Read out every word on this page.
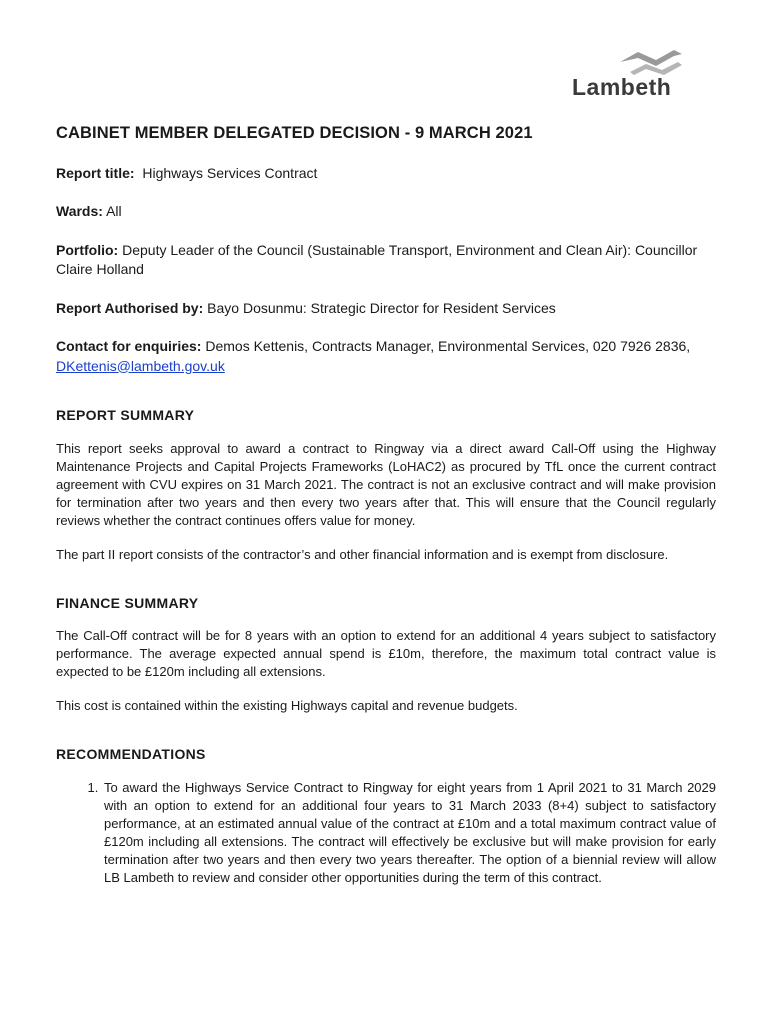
Lambeth
CABINET MEMBER DELEGATED DECISION - 9 MARCH 2021
Report title: Highways Services Contract
Wards: All
Portfolio: Deputy Leader of the Council (Sustainable Transport, Environment and Clean Air): Councillor Claire Holland
Report Authorised by: Bayo Dosunmu: Strategic Director for Resident Services
Contact for enquiries: Demos Kettenis, Contracts Manager, Environmental Services, 020 7926 2836, DKettenis@lambeth.gov.uk
REPORT SUMMARY

This report seeks approval to award a contract to Ringway via a direct award Call-Off using the Highway Maintenance Projects and Capital Projects Frameworks (LoHAC2) as procured by TfL once the current contract agreement with CVU expires on 31 March 2021. The contract is not an exclusive contract and will make provision for termination after two years and then every two years after that. This will ensure that the Council regularly reviews whether the contract continues offers value for money.

The part II report consists of the contractor’s and other financial information and is exempt from disclosure.

FINANCE SUMMARY

The Call-Off contract will be for 8 years with an option to extend for an additional 4 years subject to satisfactory performance. The average expected annual spend is £10m, therefore, the maximum total contract value is expected to be £120m including all extensions.

This cost is contained within the existing Highways capital and revenue budgets.

RECOMMENDATIONS
1. To award the Highways Service Contract to Ringway for eight years from 1 April 2021 to 31 March 2029 with an option to extend for an additional four years to 31 March 2033 (8+4) subject to satisfactory performance, at an estimated annual value of the contract at £10m and a total maximum contract value of £120m including all extensions. The contract will effectively be exclusive but will make provision for early termination after two years and then every two years thereafter. The option of a biennial review will allow LB Lambeth to review and consider other opportunities during the term of this contract.
